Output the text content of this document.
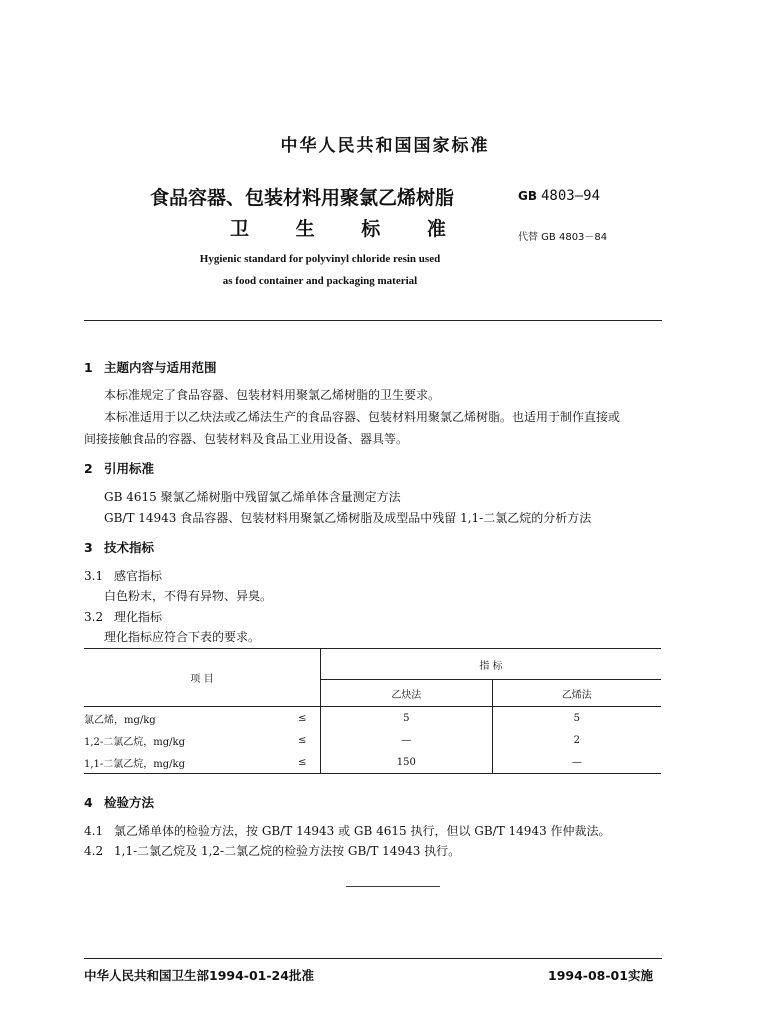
中华人民共和国国家标准
食品容器、包装材料用聚氯乙烯树脂
卫 生 标 准
GB 4803—94
代替 GB 4803－84
Hygienic standard for polyvinyl chloride resin used
as food container and packaging material
1 主题内容与适用范围
本标准规定了食品容器、包装材料用聚氯乙烯树脂的卫生要求。
本标准适用于以乙炔法或乙烯法生产的食品容器、包装材料用聚氯乙烯树脂。也适用于制作直接或
间接接触食品的容器、包装材料及食品工业用设备、器具等。
2 引用标准
GB 4615 聚氯乙烯树脂中残留氯乙烯单体含量测定方法
GB/T 14943 食品容器、包装材料用聚氯乙烯树脂及成型品中残留 1,1-二氯乙烷的分析方法
3 技术指标
3.1 感官指标
白色粉末，不得有异物、异臭。
3.2 理化指标
理化指标应符合下表的要求。
项 目		指 标	
		乙炔法	乙烯法
氯乙烯，mg/kg	≤	5	5
1,2-二氯乙烷，mg/kg	≤	—	2
1,1-二氯乙烷，mg/kg	≤	150	—
4 检验方法
4.1 氯乙烯单体的检验方法，按 GB/T 14943 或 GB 4615 执行，但以 GB/T 14943 作仲裁法。
4.2 1,1-二氯乙烷及 1,2-二氯乙烷的检验方法按 GB/T 14943 执行。
中华人民共和国卫生部1994-01-24批准	1994-08-01实施
